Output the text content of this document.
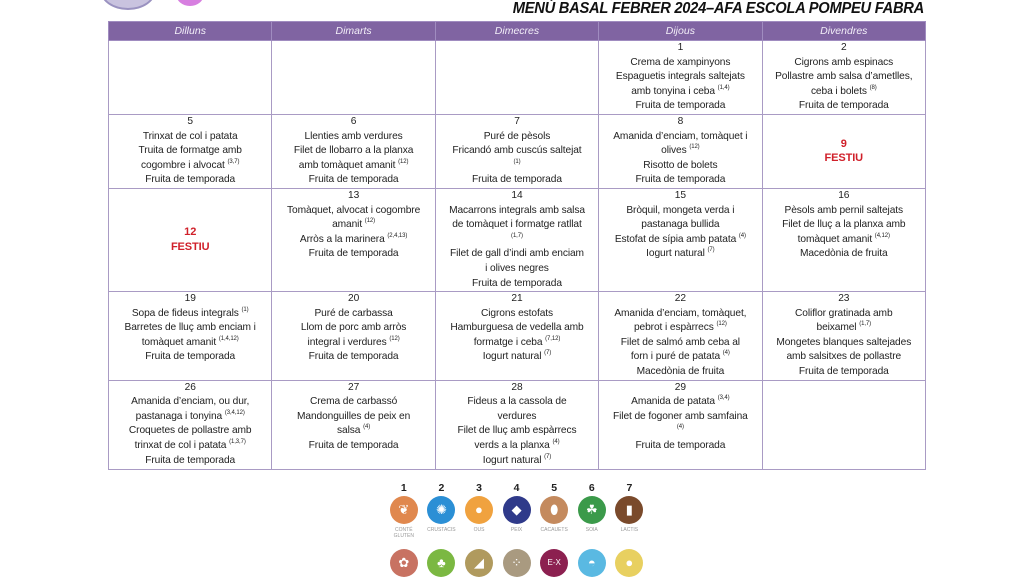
MENÚ BASAL FEBRER 2024–AFA ESCOLA POMPEU FABRA
Dilluns	Dimarts	Dimecres	Dijous	Divendres

			1
Crema de xampinyons
Espaguetis integrals saltejats amb tonyina i ceba $^{(1,4)}$
Fruita de temporada	2
Cigrons amb espinacs
Pollastre amb salsa d’ametlles, ceba i bolets $^{(8)}$
Fruita de temporada

5
Trinxat de col i patata
Truita de formatge amb cogombre i alvocat $^{(3,7)}$
Fruita de temporada	6
Llenties amb verdures
Filet de llobarro a la planxa amb tomàquet amanit $^{(12)}$
Fruita de temporada	7
Puré de pèsols
Fricandó amb cuscús saltejat $^{(1)}$
Fruita de temporada	8
Amanida d’enciam, tomàquet i olives $^{(12)}$
Risotto de bolets
Fruita de temporada	9
FESTIU

12
FESTIU	13
Tomàquet, alvocat i cogombre amanit $^{(12)}$
Arròs a la marinera $^{(2,4,13)}$
Fruita de temporada	14
Macarrons integrals amb salsa de tomàquet i formatge ratllat $^{(1,7)}$
Filet de gall d’indi amb enciam i olives negres
Fruita de temporada	15
Bròquil, mongeta verda i pastanaga bullida
Estofat de sípia amb patata $^{(4)}$
Iogurt natural $^{(7)}$	16
Pèsols amb pernil saltejats
Filet de lluç a la planxa amb tomàquet amanit $^{(4,12)}$
Macedònia de fruita

19
Sopa de fideus integrals $^{(1)}$
Barretes de lluç amb enciam i tomàquet amanit $^{(1,4,12)}$
Fruita de temporada	20
Puré de carbassa
Llom de porc amb arròs integral i verdures $^{(12)}$
Fruita de temporada	21
Cigrons estofats
Hamburguesa de vedella amb formatge i ceba $^{(7,12)}$
Iogurt natural $^{(7)}$	22
Amanida d’enciam, tomàquet, pebrot i espàrrecs $^{(12)}$
Filet de salmó amb ceba al forn i puré de patata $^{(4)}$
Macedònia de fruita	23
Coliflor gratinada amb beixamel $^{(1,7)}$
Mongetes blanques saltejades amb salsitxes de pollastre
Fruita de temporada

26
Amanida d’enciam, ou dur, pastanaga i tonyina $^{(3,4,12)}$
Croquetes de pollastre amb trinxat de col i patata $^{(1,3,7)}$
Fruita de temporada	27
Crema de carbassó
Mandonguilles de peix en salsa $^{(4)}$
Fruita de temporada	28
Fideus a la cassola de verdures
Filet de lluç amb espàrrecs verds a la planxa $^{(4)}$
Iogurt natural $^{(7)}$	29
Amanida de patata $^{(3,4)}$
Filet de fogoner amb samfaina $^{(4)}$
Fruita de temporada	

1
❦
CONTÉ GLUTEN
2
✺
CRUSTACIS
3
●
OUS
4
◆
PEIX
5
⬮
CACAUETS
6
☘
SOIA
7
▮
LACTIS
✿	♣	◢	⁘	E-X	◓	●
